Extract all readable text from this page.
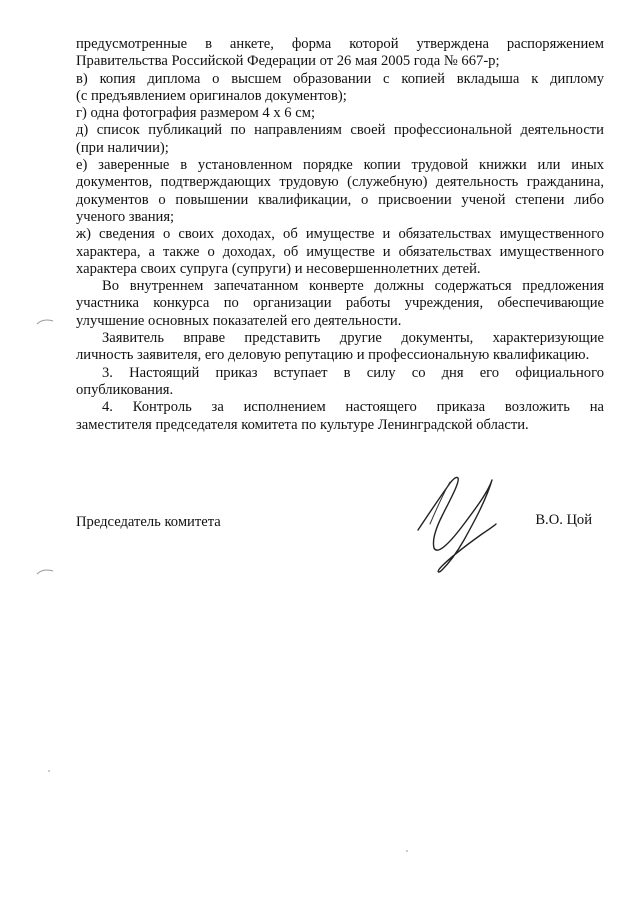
предусмотренные в анкете, форма которой утверждена распоряжением
Правительства Российской Федерации от 26 мая 2005 года № 667-р;

в) копия диплома о высшем образовании с копией вкладыша к диплому
(с предъявлением оригиналов документов);

г) одна фотография размером 4 х 6 см;

д) список публикаций по направлениям своей профессиональной деятельности
(при наличии);

е) заверенные в установленном порядке копии трудовой книжки или иных
документов, подтверждающих трудовую (служебную) деятельность гражданина,
документов о повышении квалификации, о присвоении ученой степени либо
ученого звания;

ж) сведения о своих доходах, об имуществе и обязательствах имущественного
характера, а также о доходах, об имуществе и обязательствах имущественного
характера своих супруга (супруги) и несовершеннолетних детей.

Во внутреннем запечатанном конверте должны содержаться предложения
участника конкурса по организации работы учреждения, обеспечивающие
улучшение основных показателей его деятельности.

Заявитель вправе представить другие документы, характеризующие
личность заявителя, его деловую репутацию и профессиональную квалификацию.

3. Настоящий приказ вступает в силу со дня его официального
опубликования.

4. Контроль за исполнением настоящего приказа возложить на
заместителя председателя комитета по культуре Ленинградской области.

Председатель комитета	В.О. Цой
